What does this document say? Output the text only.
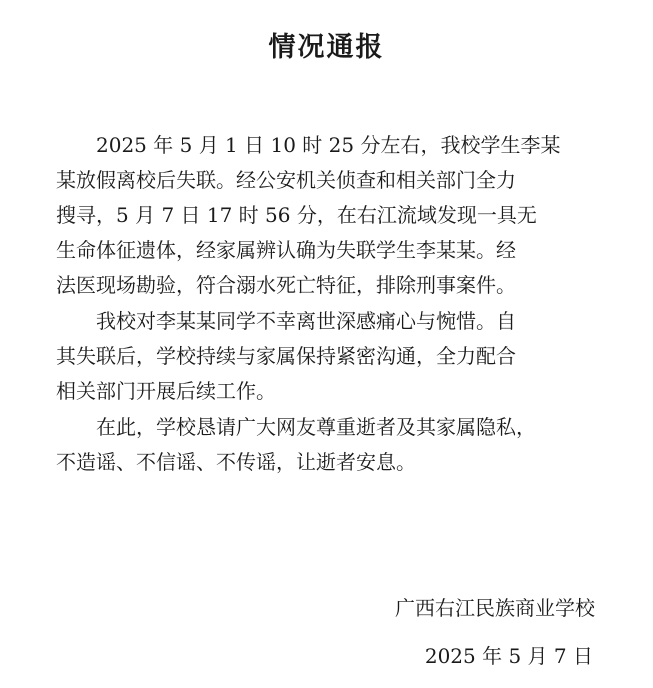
情况通报

2025 年 5 月 1 日 10 时 25 分左右，我校学生李某
某放假离校后失联。经公安机关侦查和相关部门全力
搜寻，5 月 7 日 17 时 56 分，在右江流域发现一具无
生命体征遗体，经家属辨认确为失联学生李某某。经
法医现场勘验，符合溺水死亡特征，排除刑事案件。

我校对李某某同学不幸离世深感痛心与惋惜。自
其失联后，学校持续与家属保持紧密沟通，全力配合
相关部门开展后续工作。

在此，学校恳请广大网友尊重逝者及其家属隐私，
不造谣、不信谣、不传谣，让逝者安息。

广西右江民族商业学校
2025 年 5 月 7 日
